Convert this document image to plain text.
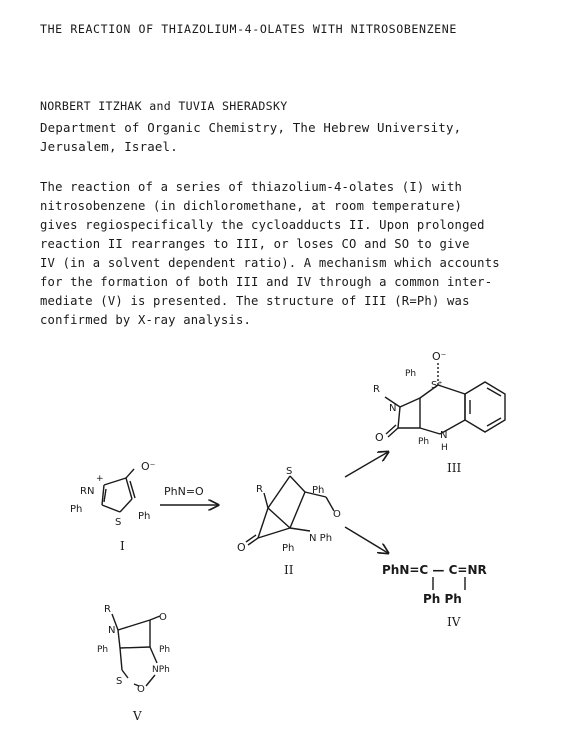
THE REACTION OF THIAZOLIUM-4-OLATES WITH NITROSOBENZENE
NORBERT ITZHAK and TUVIA SHERADSKY
Department of Organic Chemistry, The Hebrew University,
Jerusalem, Israel.
The reaction of a series of thiazolium-4-olates (I) with
nitrosobenzene (in dichloromethane, at room temperature)
gives regiospecifically the cycloadducts II. Upon prolonged
reaction II rearranges to III, or loses CO and SO to give
IV (in a solvent dependent ratio). A mechanism which accounts
for the formation of both III and IV through a common inter-
mediate (V) is presented. The structure of III (R=Ph) was
confirmed by X-ray analysis.
O⁻
+
RN
Ph
Ph
S
I
PhN=O	R
S
Ph
O	Ph
N Ph
O
II
O⁻
S⁺
Ph
R
N
O	Ph
N
H
III
PhN=C — C=NR
Ph Ph
IV
R
N
O
Ph	Ph
NPh
S
O
V
